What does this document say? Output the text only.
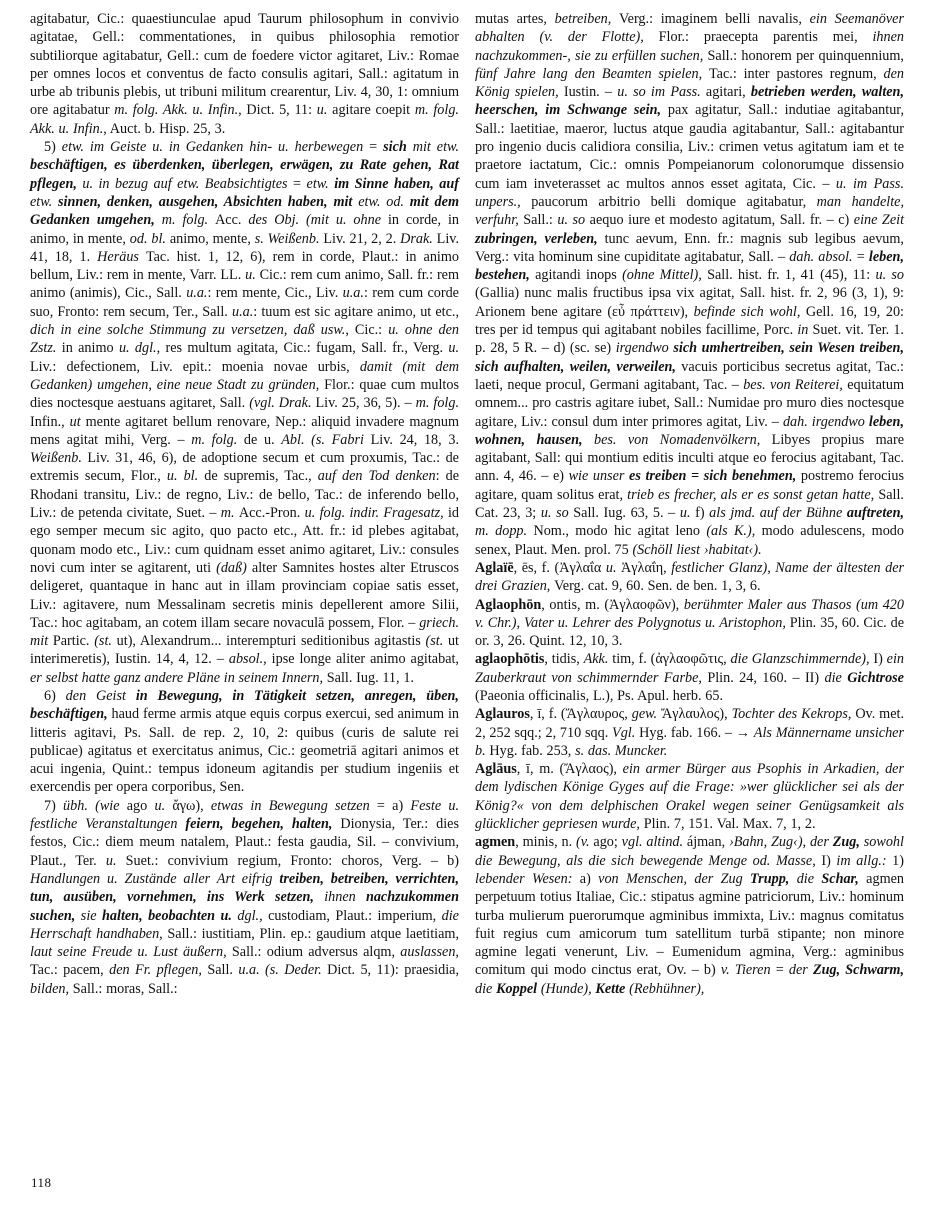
agitabatur, Cic.: quaestiunculae apud Taurum philosophum in convivio agitatae, Gell.: commentationes, in quibus philosophia remotior subtiliorque agitabatur, Gell.: cum de foedere victor agitaret, Liv.: Romae per omnes locos et conventus de facto consulis agitari, Sall.: agitatum in urbe ab tribunis plebis, ut tribuni militum crearentur, Liv. 4, 30, 1: omnium ore agitabatur m. folg. Akk. u. Infin., Dict. 5, 11: u. agitare coepit m. folg. Akk. u. Infin., Auct. b. Hisp. 25, 3.

5) etw. im Geiste u. in Gedanken hin- u. herbewegen = sich mit etw. beschäftigen, es überdenken, überlegen, erwägen, zu Rate gehen, Rat pflegen, u. in bezug auf etw. Beabsichtigtes = etw. im Sinne haben, auf etw. sinnen, denken, ausgehen, Absichten haben, mit etw. od. mit dem Gedanken umgehen, m. folg. Acc. des Obj. (mit u. ohne in corde, in animo, in mente, od. bl. animo, mente, s. Weißenb. Liv. 21, 2, 2. Drak. Liv. 41, 18, 1. Heräus Tac. hist. 1, 12, 6), rem in corde, Plaut.: in animo bellum, Liv.: rem in mente, Varr. LL. u. Cic.: rem cum animo, Sall. fr.: rem animo (animis), Cic., Sall. u.a.: rem mente, Cic., Liv. u.a.: rem cum corde suo, Fronto: rem secum, Ter., Sall. u.a.: tuum est sic agitare animo, ut etc., dich in eine solche Stimmung zu versetzen, daß usw., Cic.: u. ohne den Zstz. in animo u. dgl., res multum agitata, Cic.: fugam, Sall. fr., Verg. u. Liv.: defectionem, Liv. epit.: moenia novae urbis, damit (mit dem Gedanken) umgehen, eine neue Stadt zu gründen, Flor.: quae cum multos dies noctesque aestuans agitaret, Sall. (vgl. Drak. Liv. 25, 36, 5). – m. folg. Infin., ut mente agitaret bellum renovare, Nep.: aliquid invadere magnum mens agitat mihi, Verg. – m. folg. de u. Abl. (s. Fabri Liv. 24, 18, 3. Weißenb. Liv. 31, 46, 6), de adoptione secum et cum proxumis, Tac.: de extremis secum, Flor., u. bl. de supremis, Tac., auf den Tod denken: de Rhodani transitu, Liv.: de regno, Liv.: de bello, Tac.: de inferendo bello, Liv.: de petenda civitate, Suet. – m. Acc.-Pron. u. folg. indir. Fragesatz, id ego semper mecum sic agito, quo pacto etc., Att. fr.: id plebes agitabat, quonam modo etc., Liv.: cum quidnam esset animo agitaret, Liv.: consules novi cum inter se agitarent, uti (daß) alter Samnites hostes alter Etruscos deligeret, quantaque in hanc aut in illam provinciam copiae satis esset, Liv.: agitavere, num Messalinam secretis minis depellerent amore Silii, Tac.: hoc agitabam, an cotem illam secare novaculā possem, Flor. – griech. mit Partic. (st. ut), Alexandrum... interempturi seditionibus agitastis (st. ut interimeretis), Iustin. 14, 4, 12. – absol., ipse longe aliter animo agitabat, er selbst hatte ganz andere Pläne in seinem Innern, Sall. Iug. 11, 1.

6) den Geist in Bewegung, in Tätigkeit setzen, anregen, üben, beschäftigen, haud ferme armis atque equis corpus exercui, sed animum in litteris agitavi, Ps. Sall. de rep. 2, 10, 2: quibus (curis de salute rei publicae) agitatus et exercitatus animus, Cic.: geometriā agitari animos et acui ingenia, Quint.: tempus idoneum agitandis per studium ingeniis et exercendis per opera corporibus, Sen.

7) übh. (wie ago u. ἄγω), etwas in Bewegung setzen = a) Feste u. festliche Veranstaltungen feiern, begehen, halten, Dionysia, Ter.: dies festos, Cic.: diem meum natalem, Plaut.: festa gaudia, Sil. – convivium, Plaut., Ter. u. Suet.: convivium regium, Fronto: choros, Verg. – b) Handlungen u. Zustände aller Art eifrig treiben, betreiben, verrichten, tun, ausüben, vornehmen, ins Werk setzen, ihnen nachzukommen suchen, sie halten, beobachten u. dgl., custodiam, Plaut.: imperium, die Herrschaft handhaben, Sall.: iustitiam, Plin. ep.: gaudium atque laetitiam, laut seine Freude u. Lust äußern, Sall.: odium adversus alqm, auslassen, Tac.: pacem, den Fr. pflegen, Sall. u.a. (s. Deder. Dict. 5, 11): praesidia, bilden, Sall.: moras, Sall.:

mutas artes, betreiben, Verg.: imaginem belli navalis, ein Seemanöver abhalten (v. der Flotte), Flor.: praecepta parentis mei, ihnen nachzukommen-, sie zu erfüllen suchen, Sall.: honorem per quinquennium, fünf Jahre lang den Beamten spielen, Tac.: inter pastores regnum, den König spielen, Iustin. – u. so im Pass. agitari, betrieben werden, walten, heerschen, im Schwange sein, pax agitatur, Sall.: indutiae agitabantur, Sall.: laetitiae, maeror, luctus atque gaudia agitabantur, Sall.: agitabantur pro ingenio ducis calidiora consilia, Liv.: crimen vetus agitatum iam et te praetore iactatum, Cic.: omnis Pompeianorum colonorumque dissensio cum iam inveterasset ac multos annos esset agitata, Cic. – u. im Pass. unpers., paucorum arbitrio belli domique agitabatur, man handelte, verfuhr, Sall.: u. so aequo iure et modesto agitatum, Sall. fr. – c) eine Zeit zubringen, verleben, tunc aevum, Enn. fr.: magnis sub legibus aevum, Verg.: vita hominum sine cupiditate agitabatur, Sall. – dah. absol. = leben, bestehen, agitandi inops (ohne Mittel), Sall. hist. fr. 1, 41 (45), 11: u. so (Gallia) nunc malis fructibus ipsa vix agitat, Sall. hist. fr. 2, 96 (3, 1), 9: Arionem bene agitare (εὖ πράττειν), befinde sich wohl, Gell. 16, 19, 20: tres per id tempus qui agitabant nobiles facillime, Porc. in Suet. vit. Ter. 1. p. 28, 5 R. – d) (sc. se) irgendwo sich umhertreiben, sein Wesen treiben, sich aufhalten, weilen, verweilen, vacuis porticibus secretus agitat, Tac.: laeti, neque procul, Germani agitabant, Tac. – bes. von Reiterei, equitatum omnem... pro castris agitare iubet, Sall.: Numidae pro muro dies noctesque agitare, Liv.: consul dum inter primores agitat, Liv. – dah. irgendwo leben, wohnen, hausen, bes. von Nomadenvölkern, Libyes propius mare agitabant, Sall: qui montium editis inculti atque eo ferocius agitabant, Tac. ann. 4, 46. – e) wie unser es treiben = sich benehmen, postremo ferocius agitare, quam solitus erat, trieb es frecher, als er es sonst getan hatte, Sall. Cat. 23, 3; u. so Sall. Iug. 63, 5. – u. f) als jmd. auf der Bühne auftreten, m. dopp. Nom., modo hic agitat leno (als K.), modo adulescens, modo senex, Plaut. Men. prol. 75 (Schöll liest ›habitat‹).

Aglaïē, ēs, f. (Ἀγλαΐα u. Ἀγλαΐη, festlicher Glanz), Name der ältesten der drei Grazien, Verg. cat. 9, 60. Sen. de ben. 1, 3, 6.

Aglaophōn, ontis, m. (Ἀγλαοφῶν), berühmter Maler aus Thasos (um 420 v. Chr.), Vater u. Lehrer des Polygnotus u. Aristophon, Plin. 35, 60. Cic. de or. 3, 26. Quint. 12, 10, 3.

aglaophōtis, tidis, Akk. tim, f. (ἀγλαοφῶτις, die Glanzschimmernde), I) ein Zauberkraut von schimmernder Farbe, Plin. 24, 160. – II) die Gichtrose (Paeonia officinalis, L.), Ps. Apul. herb. 65.

Aglauros, ī, f. (Ἄγλαυρος, gew. Ἄγλαυλος), Tochter des Kekrops, Ov. met. 2, 252 sqq.; 2, 710 sqq. Vgl. Hyg. fab. 166. – → Als Männername unsicher b. Hyg. fab. 253, s. das. Muncker.

Aglāus, ī, m. (Ἄγλαος), ein armer Bürger aus Psophis in Arkadien, der dem lydischen Könige Gyges auf die Frage: »wer glücklicher sei als der König?« von dem delphischen Orakel wegen seiner Genügsamkeit als glücklicher gepriesen wurde, Plin. 7, 151. Val. Max. 7, 1, 2.

agmen, minis, n. (v. ago; vgl. altind. ájman, ›Bahn, Zug‹), der Zug, sowohl die Bewegung, als die sich bewegende Menge od. Masse, I) im allg.: 1) lebender Wesen: a) von Menschen, der Zug Trupp, die Schar, agmen perpetuum totius Italiae, Cic.: stipatus agmine patriciorum, Liv.: hominum turba mulierum puerorumque agminibus immixta, Liv.: magnus comitatus fuit regius cum amicorum tum satellitum turbā stipante; non minore agmine legati venerunt, Liv. – Eumenidum agmina, Verg.: agminibus comitum qui modo cinctus erat, Ov. – b) v. Tieren = der Zug, Schwarm, die Koppel (Hunde), Kette (Rebhühner),

118
